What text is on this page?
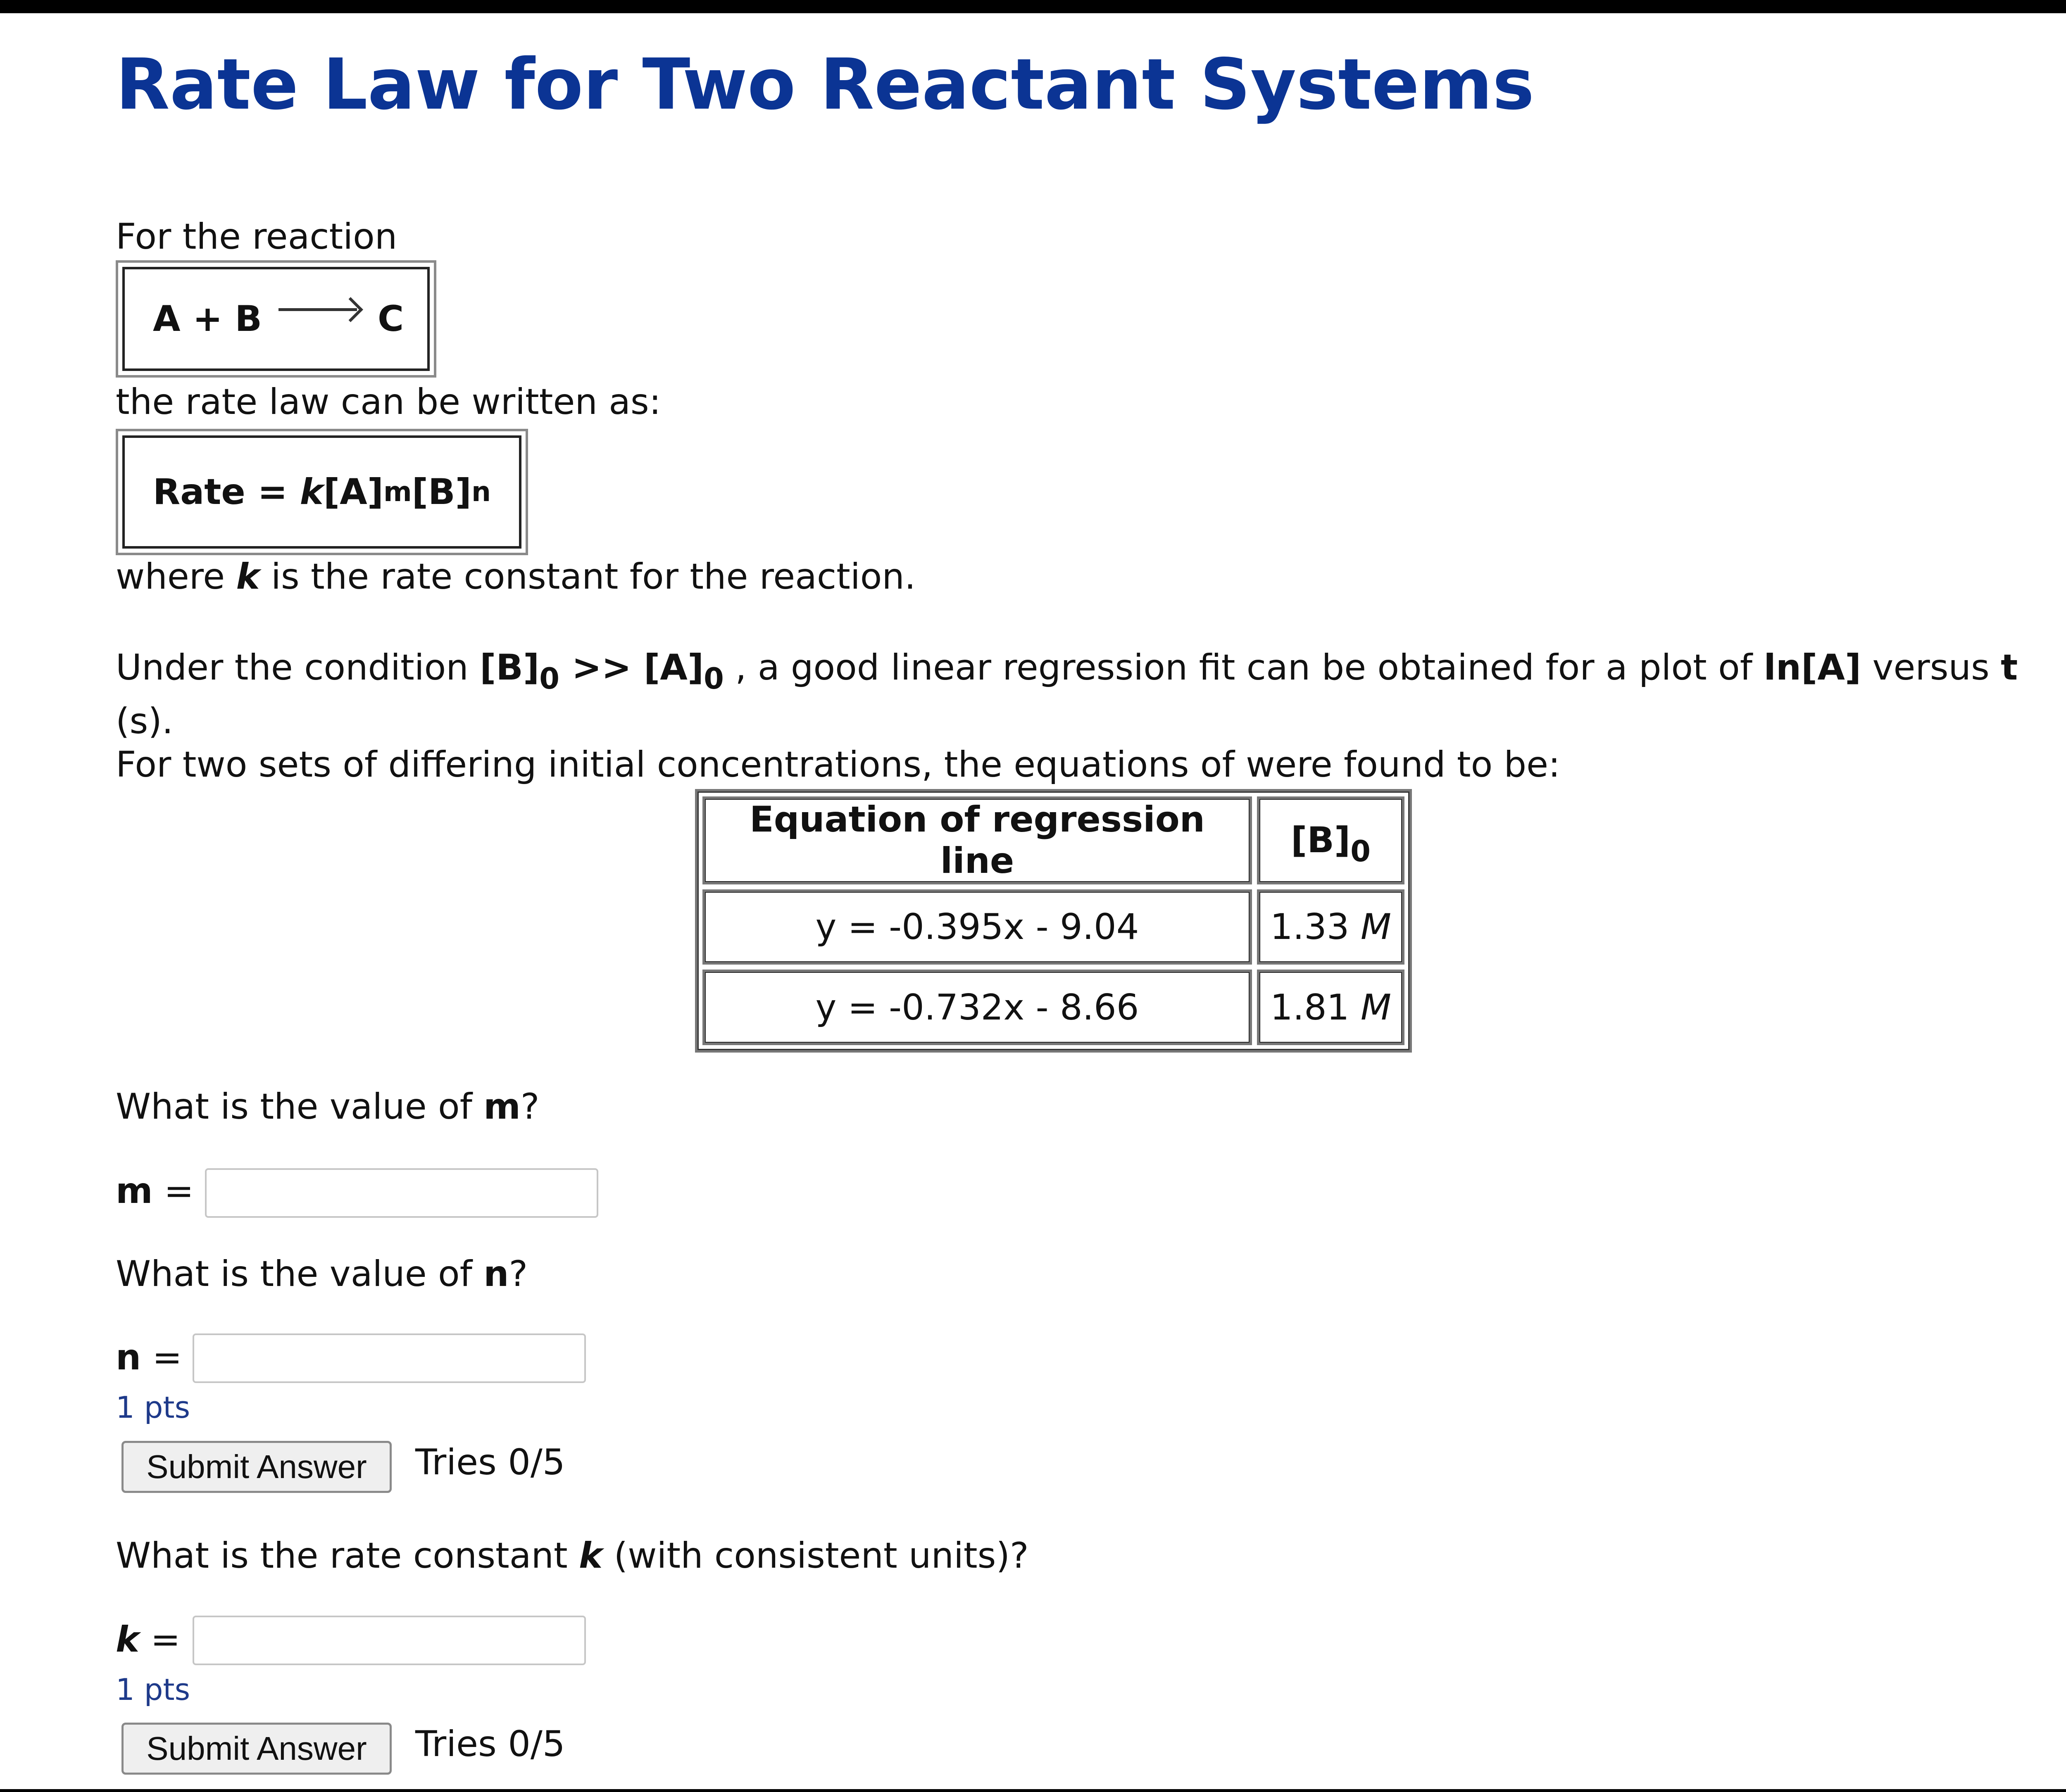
Rate Law for Two Reactant Systems
For the reaction
A + B → C
the rate law can be written as:
Rate = k [A] m [B] n
where k is the rate constant for the reaction.
Under the condition $[B]_0 >> [A]_0$ , a good linear regression fit can be obtained for a plot of ln[A] versus t
(s).
For two sets of differing initial concentrations, the equations of were found to be:
Equation of regression line	$[B]_0$
y = -0.395x - 9.04	1.33 M
y = -0.732x - 8.66	1.81 M
What is the value of m?
m =
What is the value of n?
n =
1 pts
Submit Answer	Tries 0/5
What is the rate constant k (with consistent units)?
k =
1 pts
Submit Answer	Tries 0/5
